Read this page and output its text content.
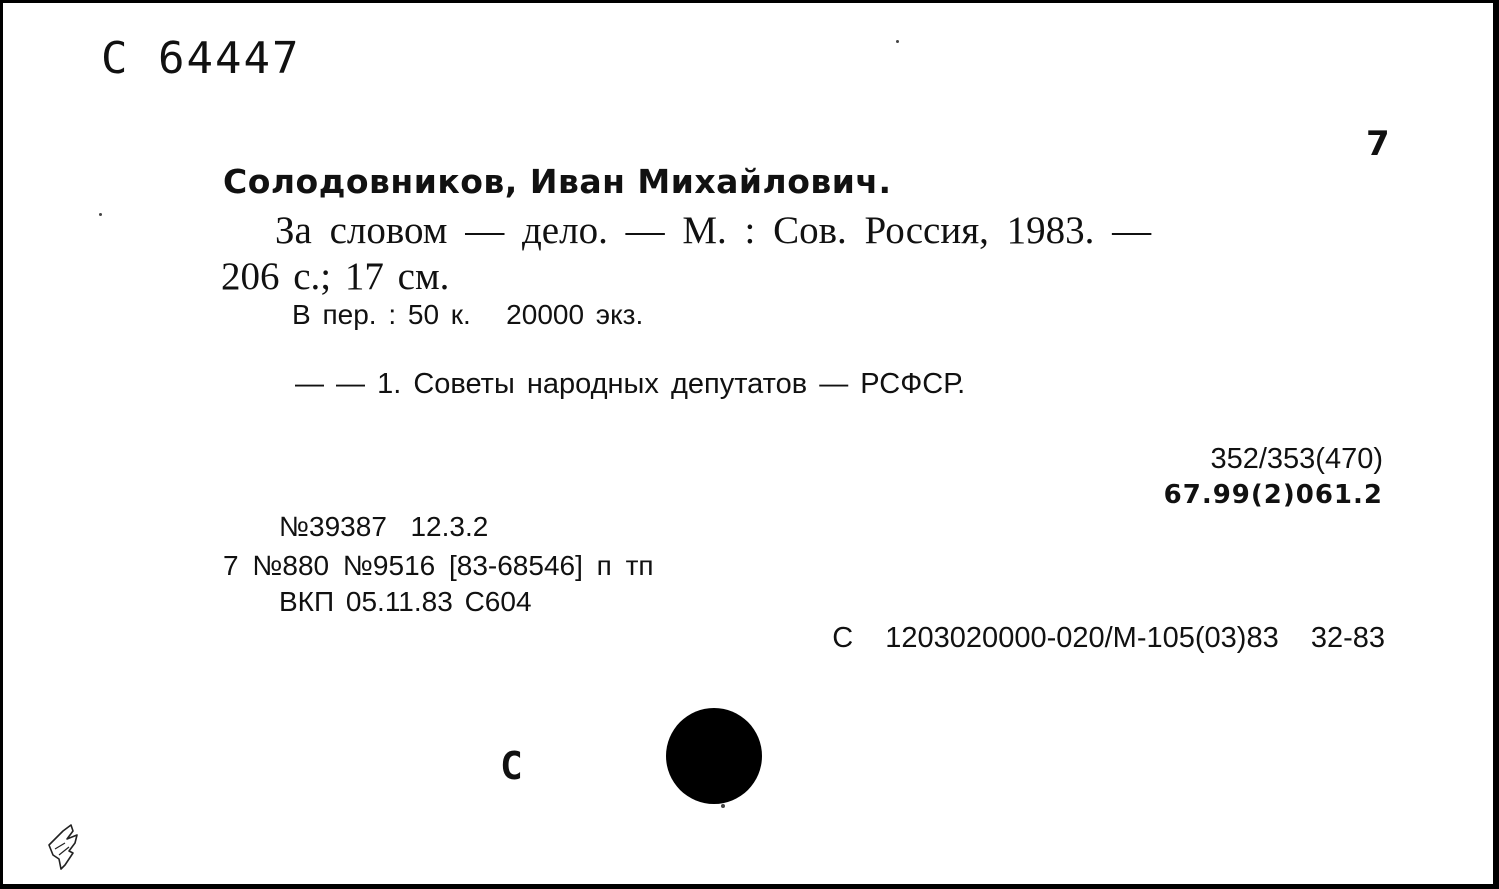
С 64447
7
Солодовников, Иван Михайлович.
За словом — дело. — М. : Сов. Россия, 1983. —
206 с.; 17 см.
В пер. : 50 к.   20000 экз.
— — 1. Советы народных депутатов — РСФСР.
352/353(470)
67.99(2)061.2
№39387  12.3.2
7 №880 №9516 [83-68546] п тп
ВКП 05.11.83 С604
С  1203020000-020/М-105(03)83  32-83
С
